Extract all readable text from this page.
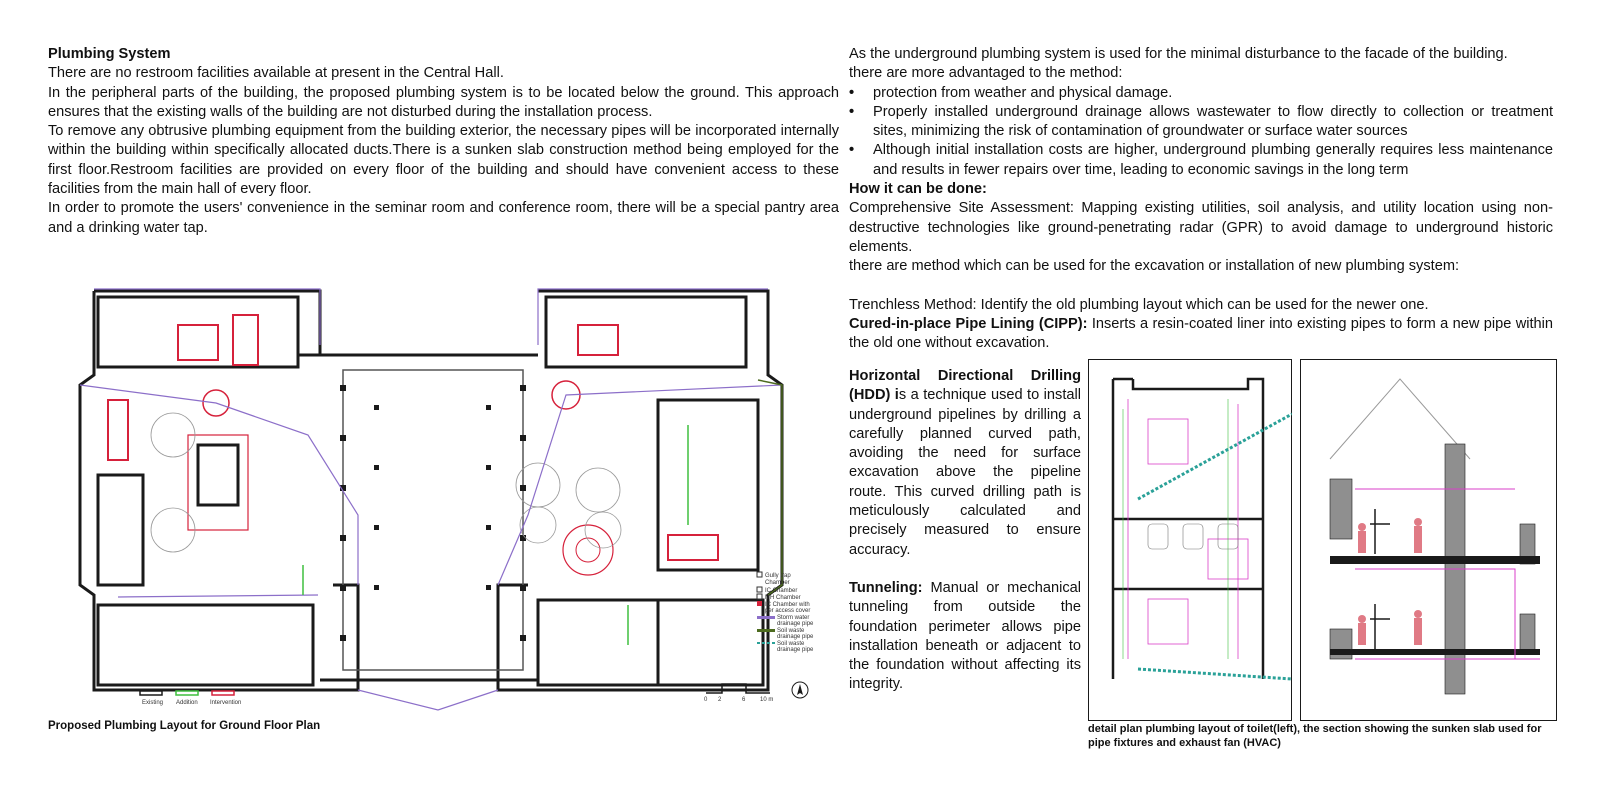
Plumbing System

There are no restroom facilities available at present in the Central Hall.

In the peripheral parts of the building, the proposed plumbing system is to be located below the ground. This approach ensures that the existing walls of the building are not disturbed during the installation process.

To remove any obtrusive plumbing equipment from the building exterior, the necessary pipes will be incorporated internally within the building within specifically allocated ducts.There is a sunken slab construction method being employed for the first floor.Restroom facilities are provided on every floor of the building and should have convenient access to these facilities from the main hall of every floor.

In order to promote the users' convenience in the seminar room and conference room, there will be a special pantry area and a drinking water tap.

As the underground plumbing system is used for the minimal disturbance to the facade of the building.

there are more advantaged to the method:

• protection from weather and physical damage.
• Properly installed underground drainage allows wastewater to flow directly to collection or treatment sites, minimizing the risk of contamination of groundwater or surface water sources
• Although initial installation costs are higher, underground plumbing generally requires less maintenance and results in fewer repairs over time, leading to economic savings in the long term

How it can be done:

Comprehensive Site Assessment: Mapping existing utilities, soil analysis, and utility location using non-destructive technologies like ground-penetrating radar (GPR) to avoid damage to underground historic elements.

there are method which can be used for the excavation or installation of new plumbing system:

Trenchless Method: Identify the old plumbing layout which can be used for the newer one.

Cured-in-place Pipe Lining (CIPP): Inserts a resin-coated liner into existing pipes to form a new pipe within the old one without excavation.

Horizontal Directional Drilling (HDD) is a technique used to install underground pipelines by drilling a carefully planned curved path, avoiding the need for surface excavation above the pipeline route. This curved drilling path is meticulously calculated and precisely measured to ensure accuracy.

Tunneling: Manual or mechanical tunneling from outside the foundation perimeter allows pipe installation beneath or adjacent to the foundation without affecting its integrity.

Gully trap
Chamber
IC Chamber
MH Chamber
IC Chamber with
per access cover
Storm water
drainage pipe
Soil waste
drainage pipe
Soil waste
drainage pipe
Existing Addition Intervention	0 2	6 10 m
Proposed Plumbing Layout for Ground Floor Plan	detail plan plumbing layout of toilet(left), the section showing the sunken slab used for pipe fixtures and exhaust fan (HVAC)
